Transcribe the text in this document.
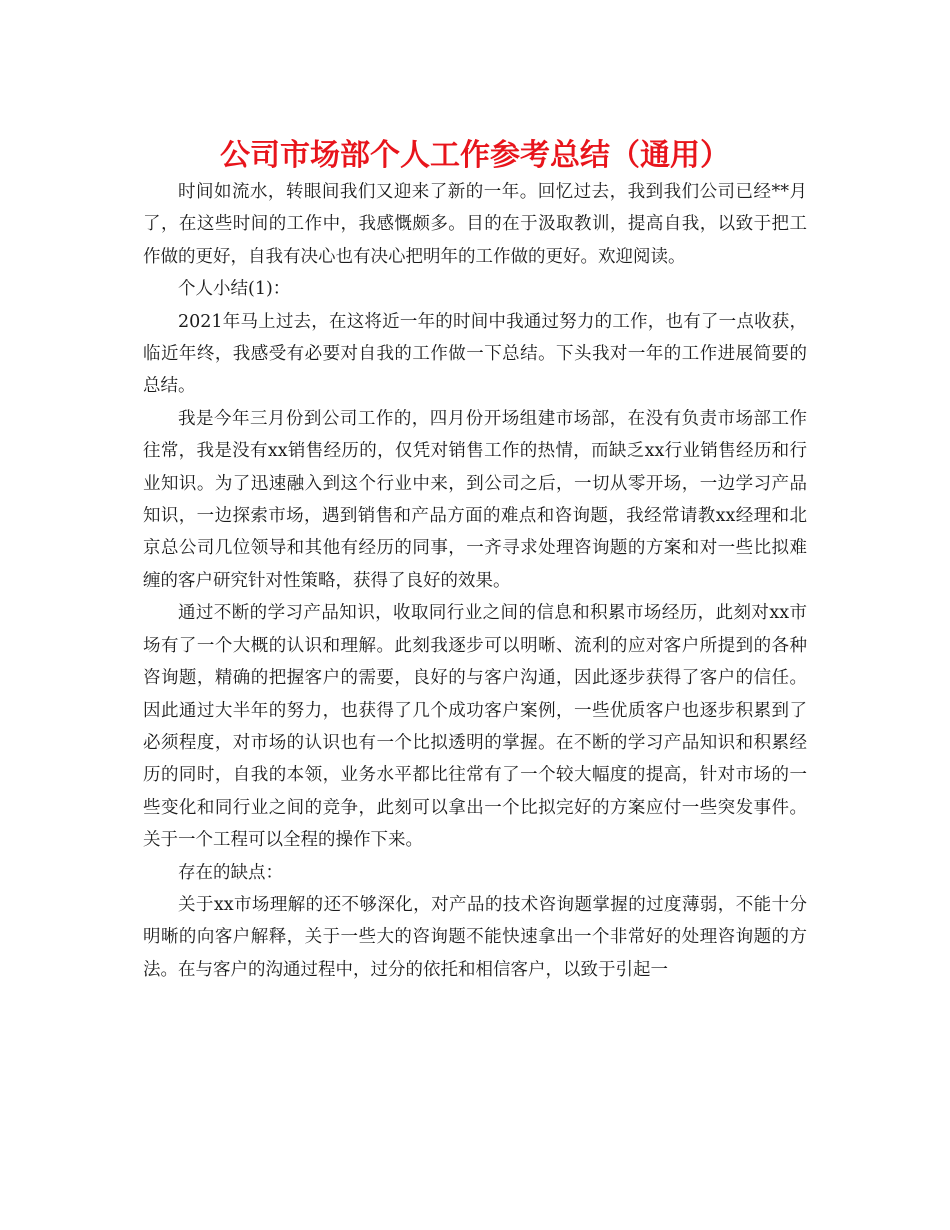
公司市场部个人工作参考总结（通用）

时间如流水，转眼间我们又迎来了新的一年。回忆过去，我到我们公司已经**月了，在这些时间的工作中，我感慨颇多。目的在于汲取教训，提高自我，以致于把工作做的更好，自我有决心也有决心把明年的工作做的更好。欢迎阅读。

个人小结(1)：

2021年马上过去，在这将近一年的时间中我通过努力的工作，也有了一点收获，临近年终，我感受有必要对自我的工作做一下总结。下头我对一年的工作进展简要的总结。

我是今年三月份到公司工作的，四月份开场组建市场部，在没有负责市场部工作往常，我是没有xx销售经历的，仅凭对销售工作的热情，而缺乏xx行业销售经历和行业知识。为了迅速融入到这个行业中来，到公司之后，一切从零开场，一边学习产品知识，一边探索市场，遇到销售和产品方面的难点和咨询题，我经常请教xx经理和北京总公司几位领导和其他有经历的同事，一齐寻求处理咨询题的方案和对一些比拟难缠的客户研究针对性策略，获得了良好的效果。

通过不断的学习产品知识，收取同行业之间的信息和积累市场经历，此刻对xx市场有了一个大概的认识和理解。此刻我逐步可以明晰、流利的应对客户所提到的各种咨询题，精确的把握客户的需要，良好的与客户沟通，因此逐步获得了客户的信任。因此通过大半年的努力，也获得了几个成功客户案例，一些优质客户也逐步积累到了必须程度，对市场的认识也有一个比拟透明的掌握。在不断的学习产品知识和积累经历的同时，自我的本领，业务水平都比往常有了一个较大幅度的提高，针对市场的一些变化和同行业之间的竞争，此刻可以拿出一个比拟完好的方案应付一些突发事件。关于一个工程可以全程的操作下来。

存在的缺点：

关于xx市场理解的还不够深化，对产品的技术咨询题掌握的过度薄弱，不能十分明晰的向客户解释，关于一些大的咨询题不能快速拿出一个非常好的处理咨询题的方法。在与客户的沟通过程中，过分的依托和相信客户，以致于引起一
